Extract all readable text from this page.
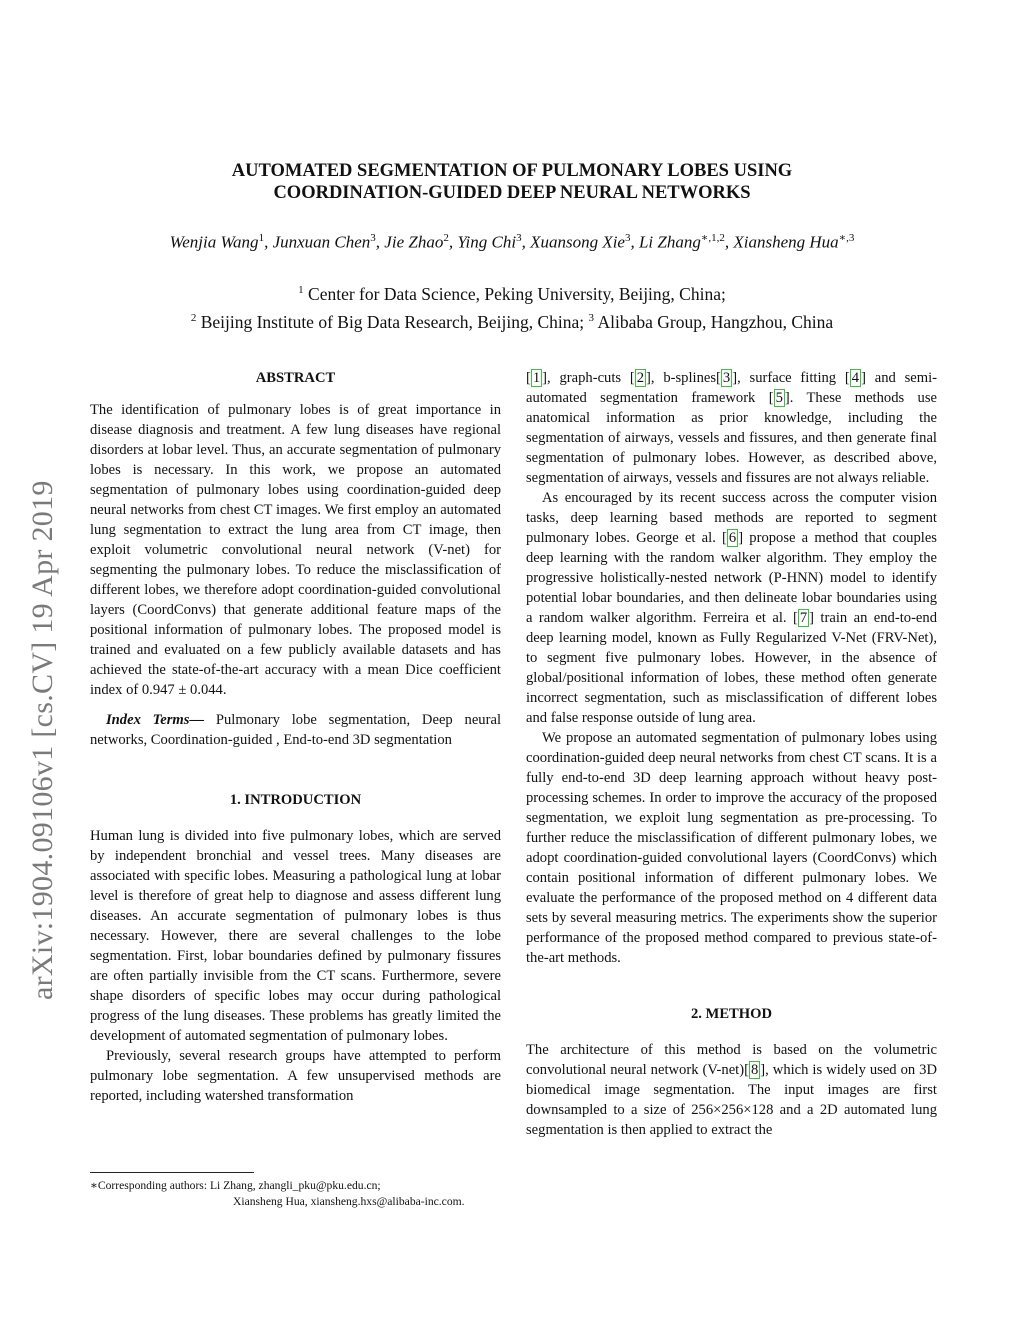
arXiv:1904.09106v1 [cs.CV] 19 Apr 2019
AUTOMATED SEGMENTATION OF PULMONARY LOBES USING
COORDINATION-GUIDED DEEP NEURAL NETWORKS
Wenjia Wang$^1$, Junxuan Chen$^3$, Jie Zhao$^2$, Ying Chi$^3$, Xuansong Xie$^3$, Li Zhang$^{∗,1,2}$, Xiansheng Hua$^{∗,3}$
$^1$ Center for Data Science, Peking University, Beijing, China;
$^2$ Beijing Institute of Big Data Research, Beijing, China; $^3$ Alibaba Group, Hangzhou, China
ABSTRACT

The identification of pulmonary lobes is of great importance in disease diagnosis and treatment. A few lung diseases have regional disorders at lobar level. Thus, an accurate segmentation of pulmonary lobes is necessary. In this work, we propose an automated segmentation of pulmonary lobes using coordination-guided deep neural networks from chest CT images. We first employ an automated lung segmentation to extract the lung area from CT image, then exploit volumetric convolutional neural network (V-net) for segmenting the pulmonary lobes. To reduce the misclassification of different lobes, we therefore adopt coordination-guided convolutional layers (CoordConvs) that generate additional feature maps of the positional information of pulmonary lobes. The proposed model is trained and evaluated on a few publicly available datasets and has achieved the state-of-the-art accuracy with a mean Dice coefficient index of 0.947 ± 0.044.

Index Terms— Pulmonary lobe segmentation, Deep neural networks, Coordination-guided , End-to-end 3D segmentation

1. INTRODUCTION

Human lung is divided into five pulmonary lobes, which are served by independent bronchial and vessel trees. Many diseases are associated with specific lobes. Measuring a pathological lung at lobar level is therefore of great help to diagnose and assess different lung diseases. An accurate segmentation of pulmonary lobes is thus necessary. However, there are several challenges to the lobe segmentation. First, lobar boundaries defined by pulmonary fissures are often partially invisible from the CT scans. Furthermore, severe shape disorders of specific lobes may occur during pathological progress of the lung diseases. These problems has greatly limited the development of automated segmentation of pulmonary lobes.

Previously, several research groups have attempted to perform pulmonary lobe segmentation. A few unsupervised methods are reported, including watershed transformation

∗Corresponding authors: Li Zhang, zhangli_pku@pku.edu.cn;
Xiansheng Hua, xiansheng.hxs@alibaba-inc.com.

[ 1 ], graph-cuts [ 2 ], b-splines[ 3 ], surface fitting [ 4 ] and semi-automated segmentation framework [ 5 ]. These methods use anatomical information as prior knowledge, including the segmentation of airways, vessels and fissures, and then generate final segmentation of pulmonary lobes. However, as described above, segmentation of airways, vessels and fissures are not always reliable.

As encouraged by its recent success across the computer vision tasks, deep learning based methods are reported to segment pulmonary lobes. George et al. [ 6 ] propose a method that couples deep learning with the random walker algorithm. They employ the progressive holistically-nested network (P-HNN) model to identify potential lobar boundaries, and then delineate lobar boundaries using a random walker algorithm. Ferreira et al. [ 7 ] train an end-to-end deep learning model, known as Fully Regularized V-Net (FRV-Net), to segment five pulmonary lobes. However, in the absence of global/positional information of lobes, these method often generate incorrect segmentation, such as misclassification of different lobes and false response outside of lung area.

We propose an automated segmentation of pulmonary lobes using coordination-guided deep neural networks from chest CT scans. It is a fully end-to-end 3D deep learning approach without heavy post-processing schemes. In order to improve the accuracy of the proposed segmentation, we exploit lung segmentation as pre-processing. To further reduce the misclassification of different pulmonary lobes, we adopt coordination-guided convolutional layers (CoordConvs) which contain positional information of different pulmonary lobes. We evaluate the performance of the proposed method on 4 different data sets by several measuring metrics. The experiments show the superior performance of the proposed method compared to previous state-of-the-art methods.

2. METHOD

The architecture of this method is based on the volumetric convolutional neural network (V-net)[ 8 ], which is widely used on 3D biomedical image segmentation. The input images are first downsampled to a size of 256×256×128 and a 2D automated lung segmentation is then applied to extract the
